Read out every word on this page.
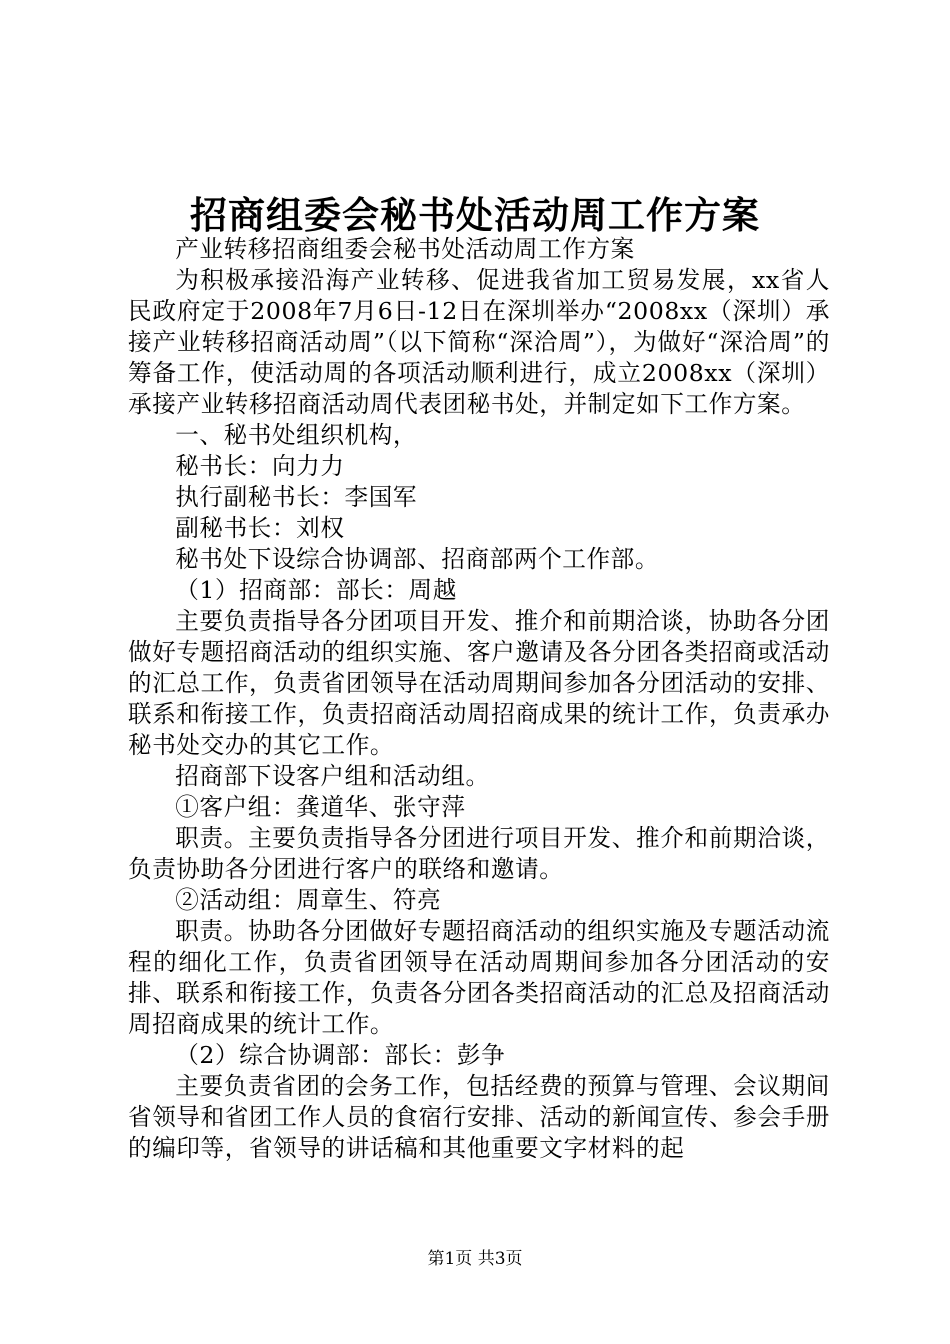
招商组委会秘书处活动周工作方案

产业转移招商组委会秘书处活动周工作方案

为积极承接沿海产业转移、促进我省加工贸易发展，xx省人民政府定于2008年7月6日-12日在深圳举办“2008xx（深圳）承接产业转移招商活动周”（以下简称“深洽周”），为做好“深洽周”的筹备工作，使活动周的各项活动顺利进行，成立2008xx（深圳）承接产业转移招商活动周代表团秘书处，并制定如下工作方案。

一、秘书处组织机构，

秘书长：向力力

执行副秘书长：李国军

副秘书长：刘权

秘书处下设综合协调部、招商部两个工作部。

（1）招商部：部长：周越

主要负责指导各分团项目开发、推介和前期洽谈，协助各分团做好专题招商活动的组织实施、客户邀请及各分团各类招商或活动的汇总工作，负责省团领导在活动周期间参加各分团活动的安排、联系和衔接工作，负责招商活动周招商成果的统计工作，负责承办秘书处交办的其它工作。

招商部下设客户组和活动组。

①客户组：龚道华、张守萍

职责。主要负责指导各分团进行项目开发、推介和前期洽谈，负责协助各分团进行客户的联络和邀请。

②活动组：周章生、符亮

职责。协助各分团做好专题招商活动的组织实施及专题活动流程的细化工作，负责省团领导在活动周期间参加各分团活动的安排、联系和衔接工作，负责各分团各类招商活动的汇总及招商活动周招商成果的统计工作。

（2）综合协调部：部长：彭争

主要负责省团的会务工作，包括经费的预算与管理、会议期间省领导和省团工作人员的食宿行安排、活动的新闻宣传、参会手册的编印等，省领导的讲话稿和其他重要文字材料的起

第1页 共3页
